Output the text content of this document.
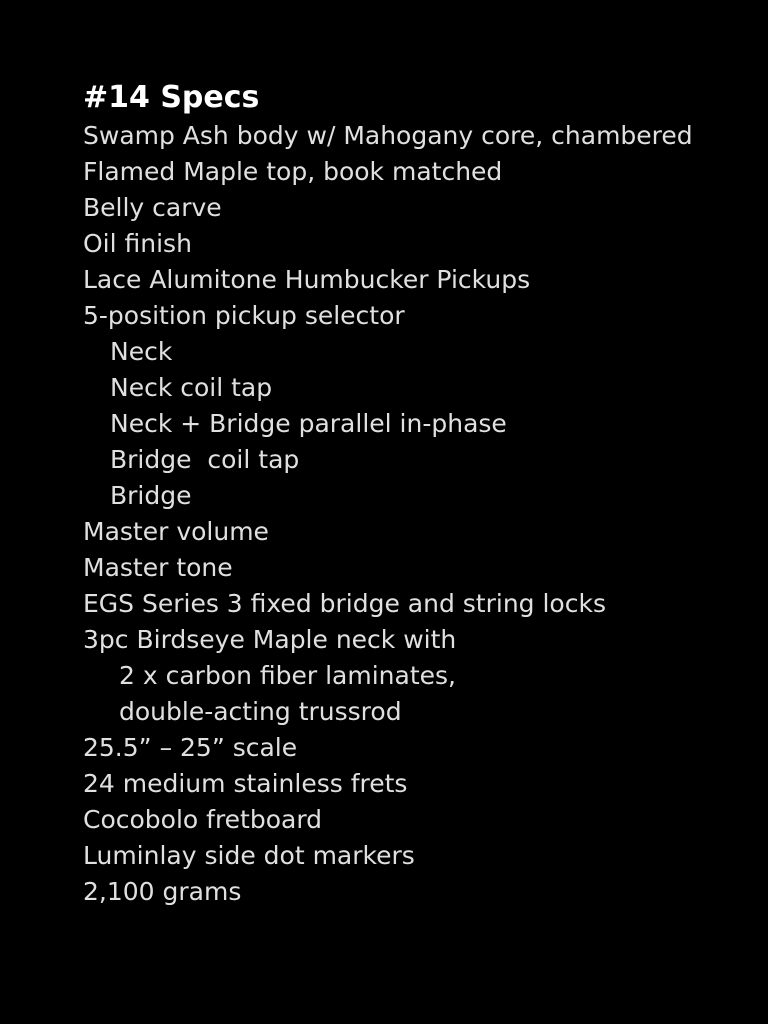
#14 Specs
Swamp Ash body w/ Mahogany core, chambered
Flamed Maple top, book matched
Belly carve
Oil finish
Lace Alumitone Humbucker Pickups
5-position pickup selector
Neck
Neck coil tap
Neck + Bridge parallel in-phase
Bridge  coil tap
Bridge
Master volume
Master tone
EGS Series 3 fixed bridge and string locks
3pc Birdseye Maple neck with
2 x carbon fiber laminates,
double-acting trussrod
25.5” – 25” scale
24 medium stainless frets
Cocobolo fretboard
Luminlay side dot markers
2,100 grams
